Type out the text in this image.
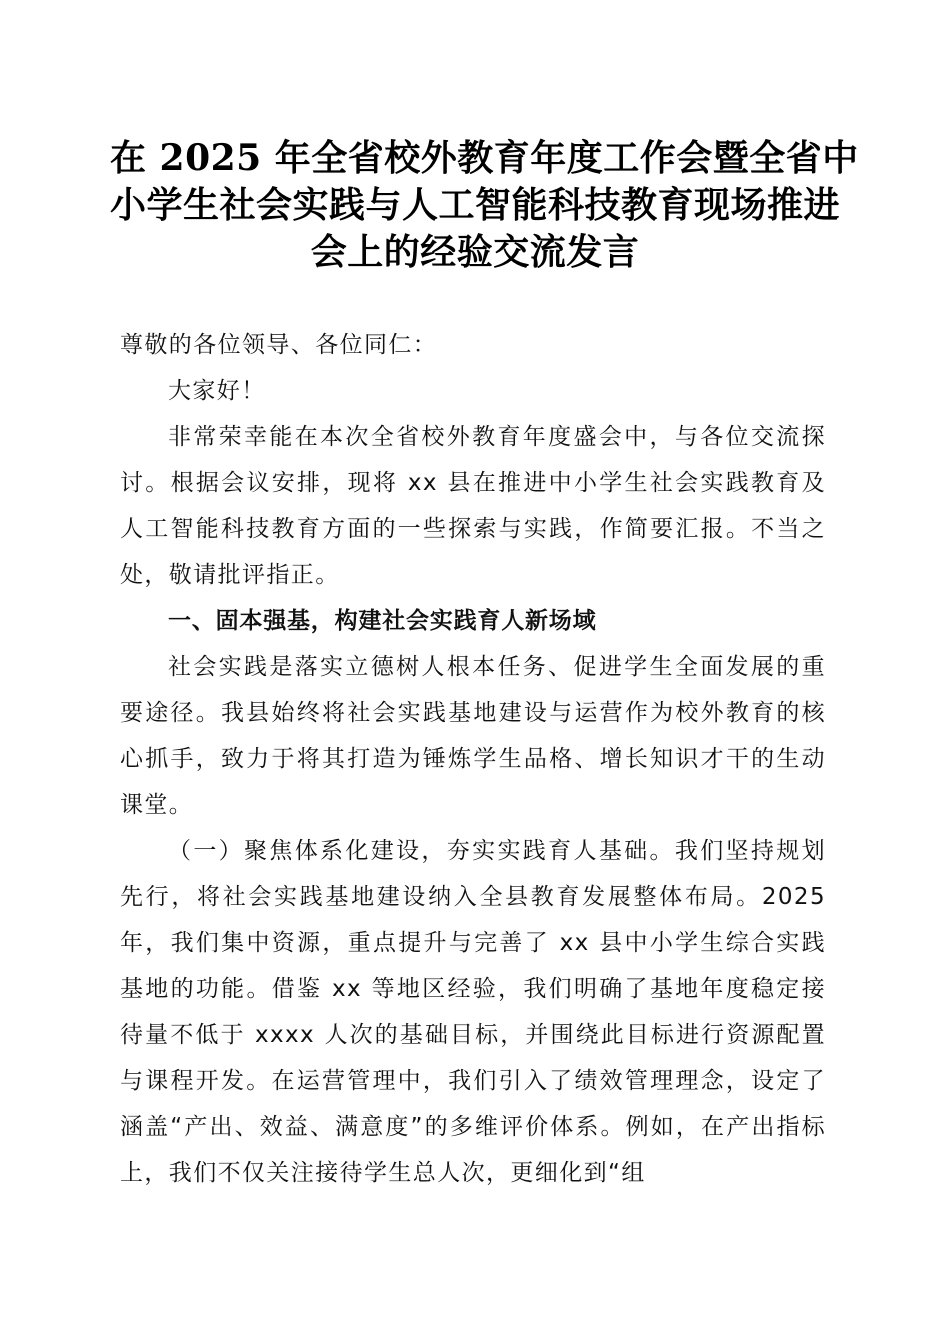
在 2025 年全省校外教育年度工作会暨全省中
小学生社会实践与人工智能科技教育现场推进
会上的经验交流发言

尊敬的各位领导、各位同仁：

大家好！

非常荣幸能在本次全省校外教育年度盛会中，与各位交流探讨。根据会议安排，现将 xx 县在推进中小学生社会实践教育及人工智能科技教育方面的一些探索与实践，作简要汇报。不当之处，敬请批评指正。

一、固本强基，构建社会实践育人新场域

社会实践是落实立德树人根本任务、促进学生全面发展的重要途径。我县始终将社会实践基地建设与运营作为校外教育的核心抓手，致力于将其打造为锤炼学生品格、增长知识才干的生动课堂。

（一）聚焦体系化建设，夯实实践育人基础。我们坚持规划先行，将社会实践基地建设纳入全县教育发展整体布局。2025 年，我们集中资源，重点提升与完善了 xx 县中小学生综合实践基地的功能。借鉴 xx 等地区经验，我们明确了基地年度稳定接待量不低于 xxxx 人次的基础目标，并围绕此目标进行资源配置与课程开发。在运营管理中，我们引入了绩效管理理念，设定了涵盖“产出、效益、满意度”的多维评价体系。例如，在产出指标上，我们不仅关注接待学生总人次，更细化到“组
